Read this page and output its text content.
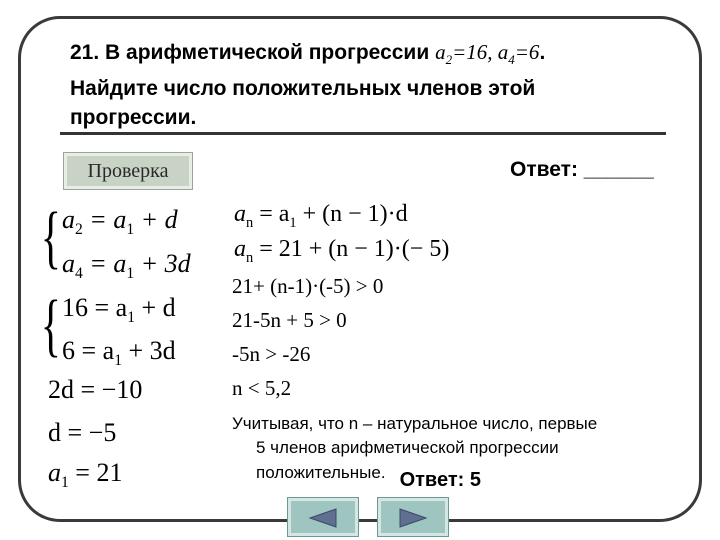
21. В арифметической прогрессии $a_2=16$, $a_4=6$.
Найдите число положительных членов этой
прогрессии.
Проверка	Ответ: ______
{ $a_2 = a_1 + d$
$a_4 = a_1 + 3d$
{ $16 = a_1 + d$
$6 = a_1 + 3d$
2d = −10
d = −5
$a_1 = 21$
$a_n = a_1 + (n - 1)\cdot d$
$a_n = 21 + (n - 1)\cdot(- 5)$
21+ (n-1)·(-5) > 0
21-5n + 5 > 0
-5n > -26
n < 5,2
Учитывая, что n – натуральное число, первые
5 членов арифметической прогрессии
положительные. Ответ: 5
